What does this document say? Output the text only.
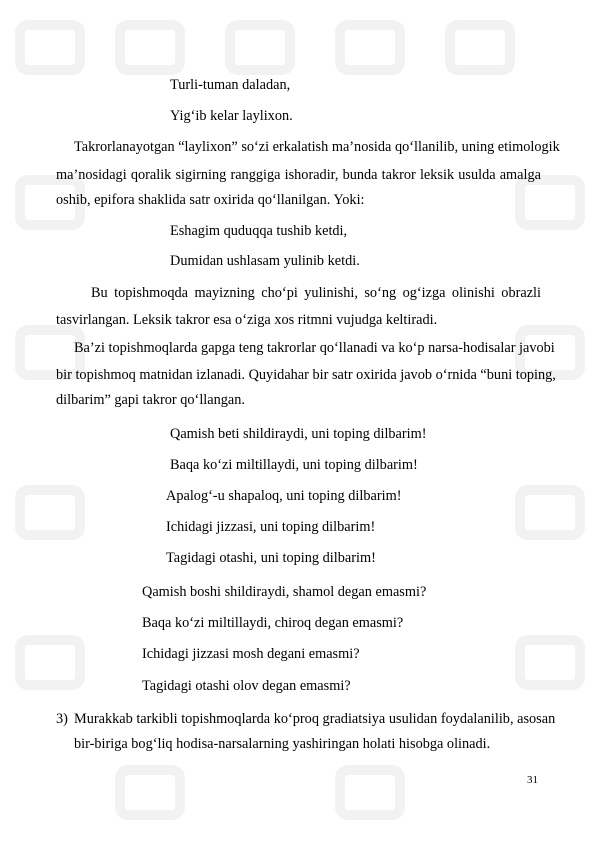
Turli-tuman daladan,
Yig‘ib kelar laylixon.
Takrorlanayotgan “laylixon” so‘zi erkalatish ma’nosida qo‘llanilib, uning etimologik
ma’nosidagi qoralik sigirning ranggiga ishoradir, bunda takror leksik usulda amalga
oshib, epifora shaklida satr oxirida qo‘llanilgan. Yoki:
Eshagim quduqqa tushib ketdi,
Dumidan ushlasam yulinib ketdi.
Bu topishmoqda mayizning cho‘pi yulinishi, so‘ng og‘izga olinishi obrazli
tasvirlangan. Leksik takror esa o‘ziga xos ritmni vujudga keltiradi.
Ba’zi topishmoqlarda gapga teng takrorlar qo‘llanadi va ko‘p narsa-hodisalar javobi
bir topishmoq matnidan izlanadi. Quyidahar bir satr oxirida javob o‘rnida “buni toping,
dilbarim” gapi takror qo‘llangan.
Qamish beti shildiraydi, uni toping dilbarim!
Baqa ko‘zi miltillaydi, uni toping dilbarim!
Apalog‘-u shapaloq, uni toping dilbarim!
Ichidagi jizzasi, uni toping dilbarim!
Tagidagi otashi, uni toping dilbarim!
Qamish boshi shildiraydi, shamol degan emasmi?
Baqa ko‘zi miltillaydi, chiroq degan emasmi?
Ichidagi jizzasi mosh degani emasmi?
Tagidagi otashi olov degan emasmi?
3) Murakkab tarkibli topishmoqlarda ko‘proq gradiatsiya usulidan foydalanilib, asosan
bir-biriga bog‘liq hodisa-narsalarning yashiringan holati hisobga olinadi.
31
